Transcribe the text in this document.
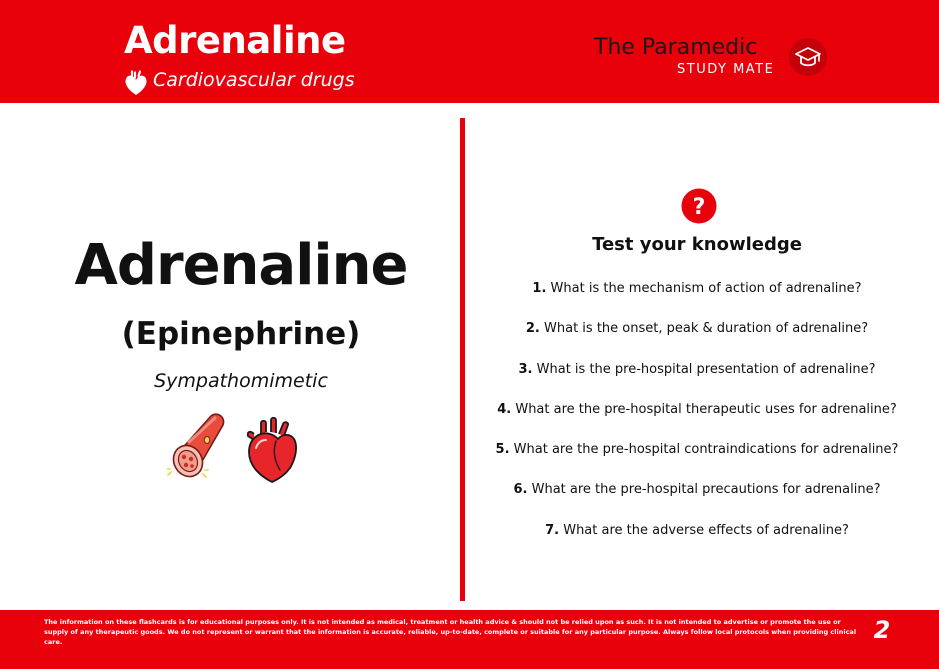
Adrenaline
Cardiovascular drugs
The Paramedic
STUDY MATE
Adrenaline
(Epinephrine)
Sympathomimetic
?
Test your knowledge
1. What is the mechanism of action of adrenaline?
2. What is the onset, peak & duration of adrenaline?
3. What is the pre-hospital presentation of adrenaline?
4. What are the pre-hospital therapeutic uses for adrenaline?
5. What are the pre-hospital contraindications for adrenaline?
6. What are the pre-hospital precautions for adrenaline?
7. What are the adverse effects of adrenaline?
The information on these flashcards is for educational purposes only. It is not intended as medical, treatment or health advice & should not be relied upon as such. It is not intended to advertise or promote the use or supply of any therapeutic goods. We do not represent or warrant that the information is accurate, reliable, up-to-date, complete or suitable for any particular purpose. Always follow local protocols when providing clinical care.	2
